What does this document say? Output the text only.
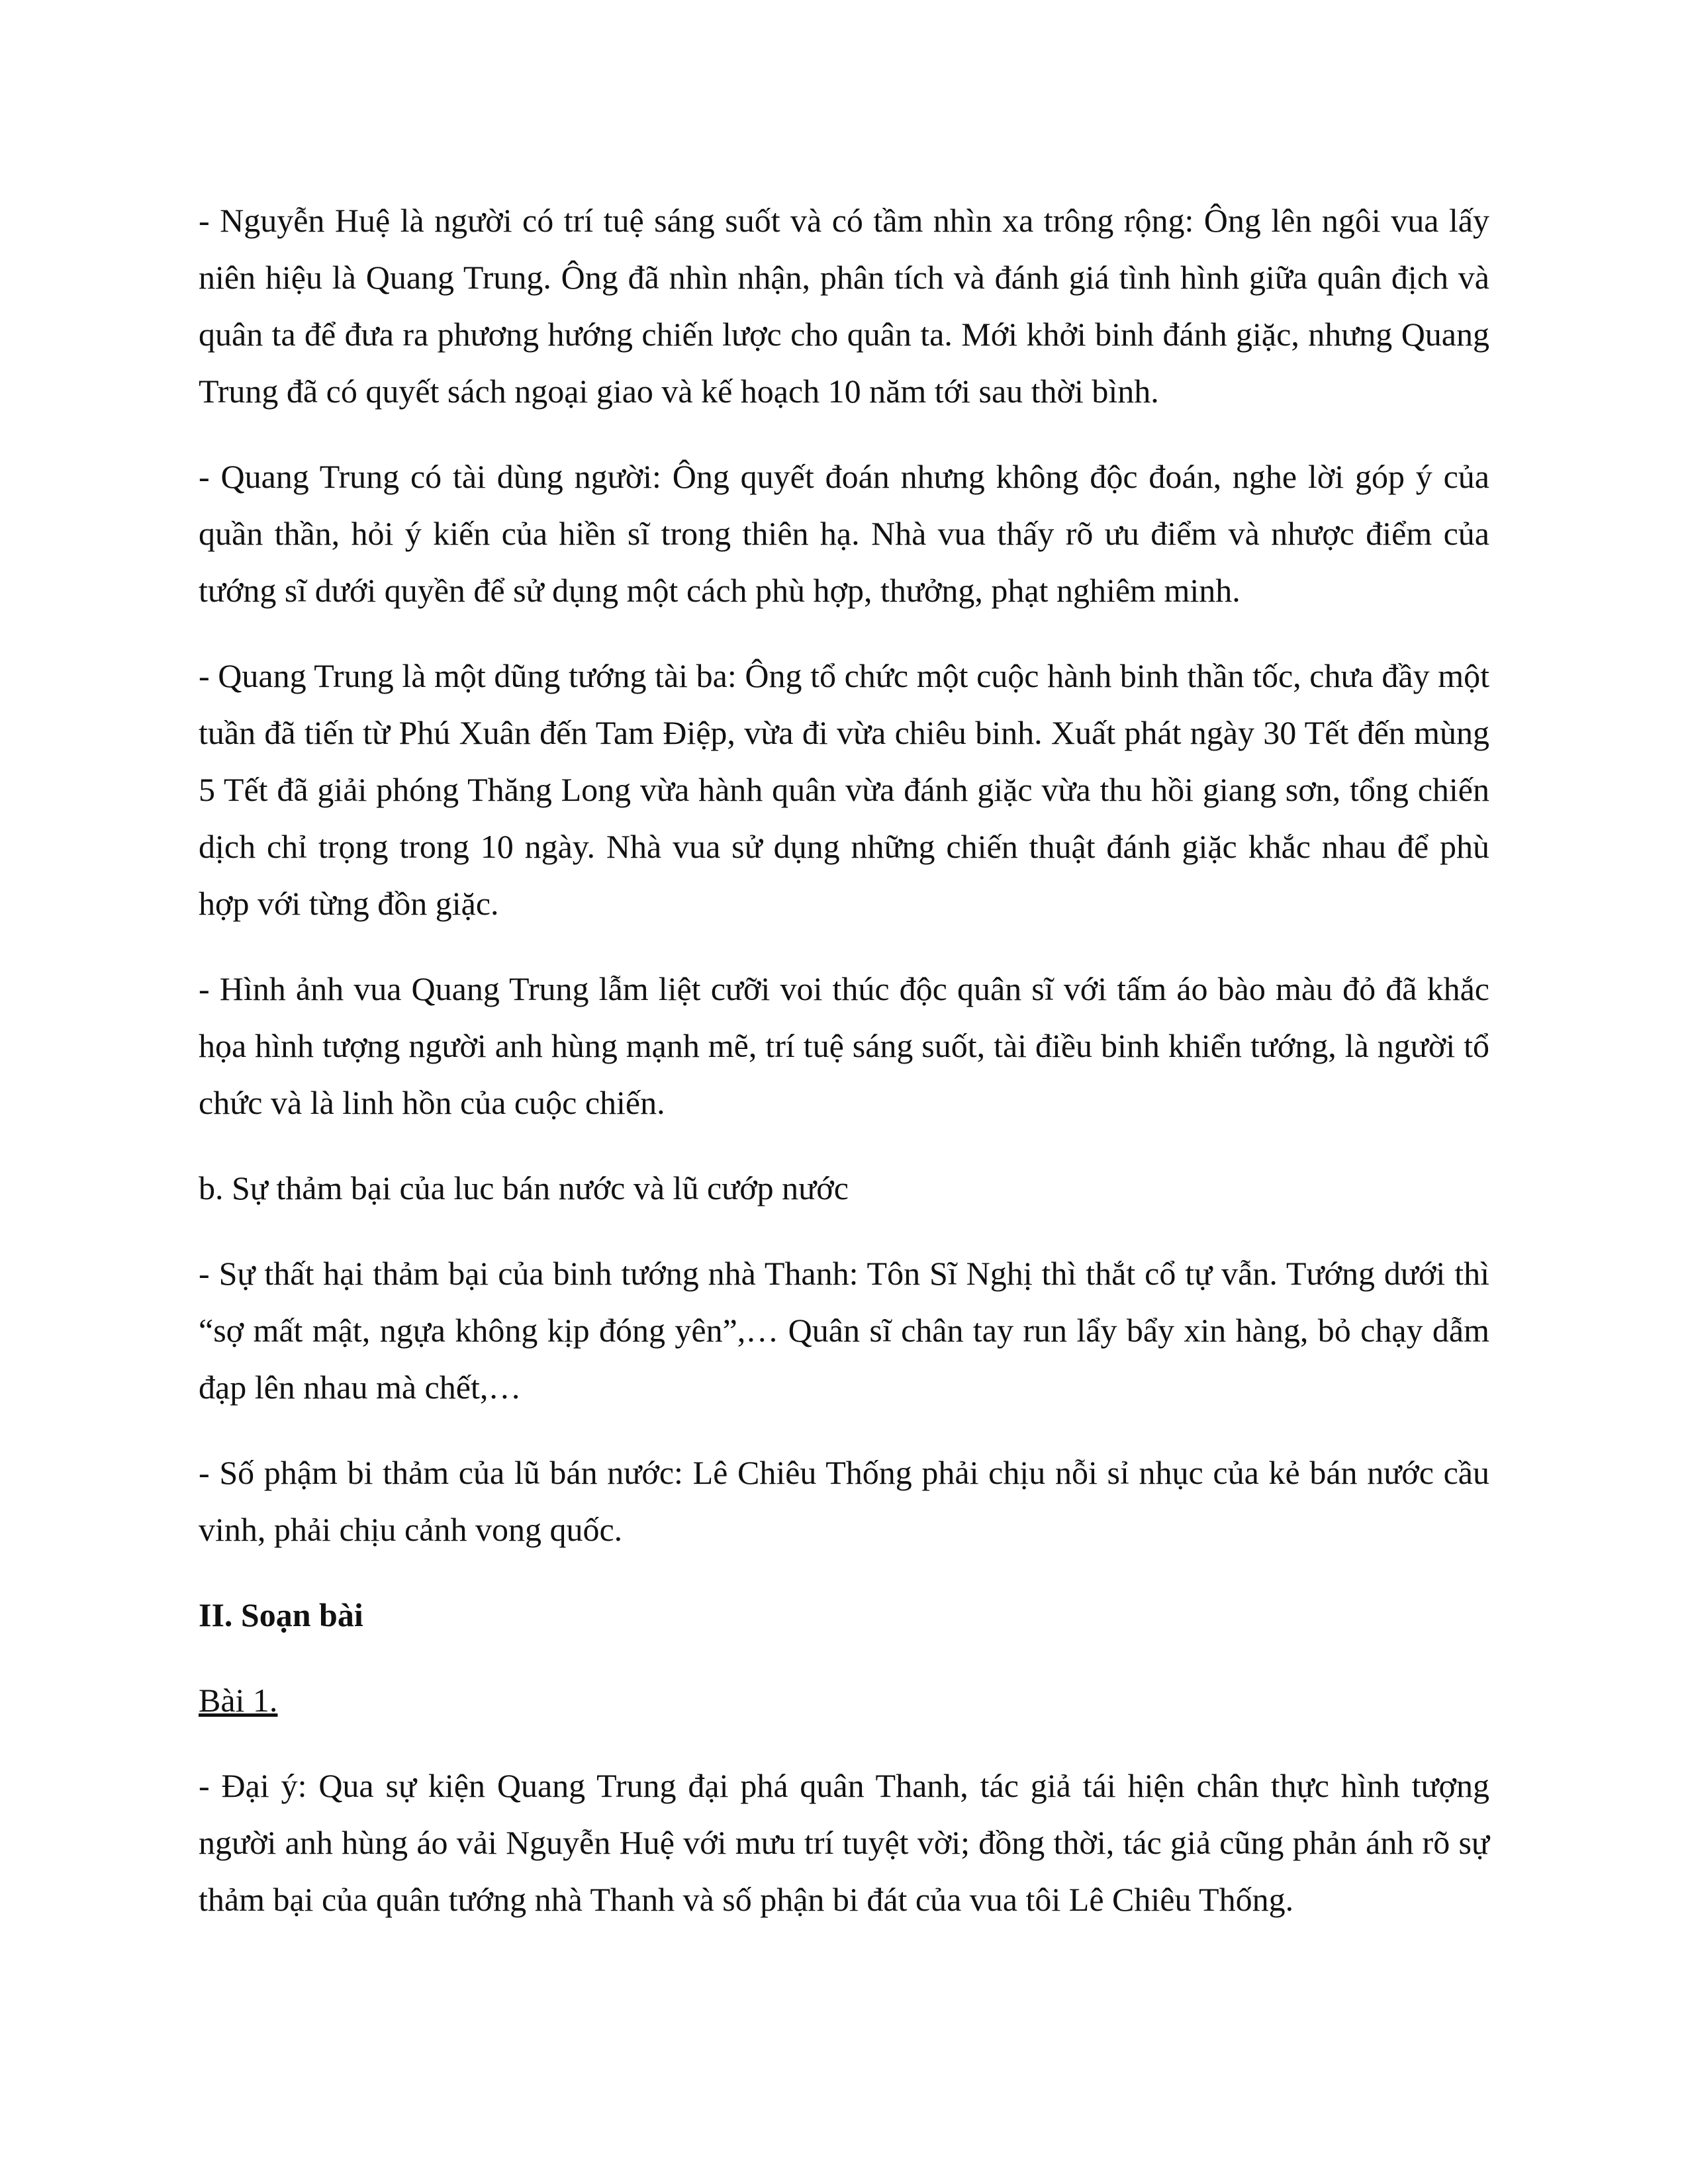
- Nguyễn Huệ là người có trí tuệ sáng suốt và có tầm nhìn xa trông rộng: Ông lên ngôi vua lấy niên hiệu là Quang Trung. Ông đã nhìn nhận, phân tích và đánh giá tình hình giữa quân địch và quân ta để đưa ra phương hướng chiến lược cho quân ta. Mới khởi binh đánh giặc, nhưng Quang Trung đã có quyết sách ngoại giao và kế hoạch 10 năm tới sau thời bình.

- Quang Trung có tài dùng người: Ông quyết đoán nhưng không độc đoán, nghe lời góp ý của quần thần, hỏi ý kiến của hiền sĩ trong thiên hạ. Nhà vua thấy rõ ưu điểm và nhược điểm của tướng sĩ dưới quyền để sử dụng một cách phù hợp, thưởng, phạt nghiêm minh.

- Quang Trung là một dũng tướng tài ba: Ông tổ chức một cuộc hành binh thần tốc, chưa đầy một tuần đã tiến từ Phú Xuân đến Tam Điệp, vừa đi vừa chiêu binh. Xuất phát ngày 30 Tết đến mùng 5 Tết đã giải phóng Thăng Long vừa hành quân vừa đánh giặc vừa thu hồi giang sơn, tổng chiến dịch chỉ trọng trong 10 ngày. Nhà vua sử dụng những chiến thuật đánh giặc khắc nhau để phù hợp với từng đồn giặc.

- Hình ảnh vua Quang Trung lẫm liệt cưỡi voi thúc độc quân sĩ với tấm áo bào màu đỏ đã khắc họa hình tượng người anh hùng mạnh mẽ, trí tuệ sáng suốt, tài điều binh khiển tướng, là người tổ chức và là linh hồn của cuộc chiến.

b. Sự thảm bại của luc bán nước và lũ cướp nước

- Sự thất hại thảm bại của binh tướng nhà Thanh: Tôn Sĩ Nghị thì thắt cổ tự vẫn. Tướng dưới thì “sợ mất mật, ngựa không kịp đóng yên”,… Quân sĩ chân tay run lẩy bẩy xin hàng, bỏ chạy dẫm đạp lên nhau mà chết,…

- Số phậm bi thảm của lũ bán nước: Lê Chiêu Thống phải chịu nỗi sỉ nhục của kẻ bán nước cầu vinh, phải chịu cảnh vong quốc.

II. Soạn bài

Bài 1.

- Đại ý: Qua sự kiện Quang Trung đại phá quân Thanh, tác giả tái hiện chân thực hình tượng người anh hùng áo vải Nguyễn Huệ với mưu trí tuyệt vời; đồng thời, tác giả cũng phản ánh rõ sự thảm bại của quân tướng nhà Thanh và số phận bi đát của vua tôi Lê Chiêu Thống.
